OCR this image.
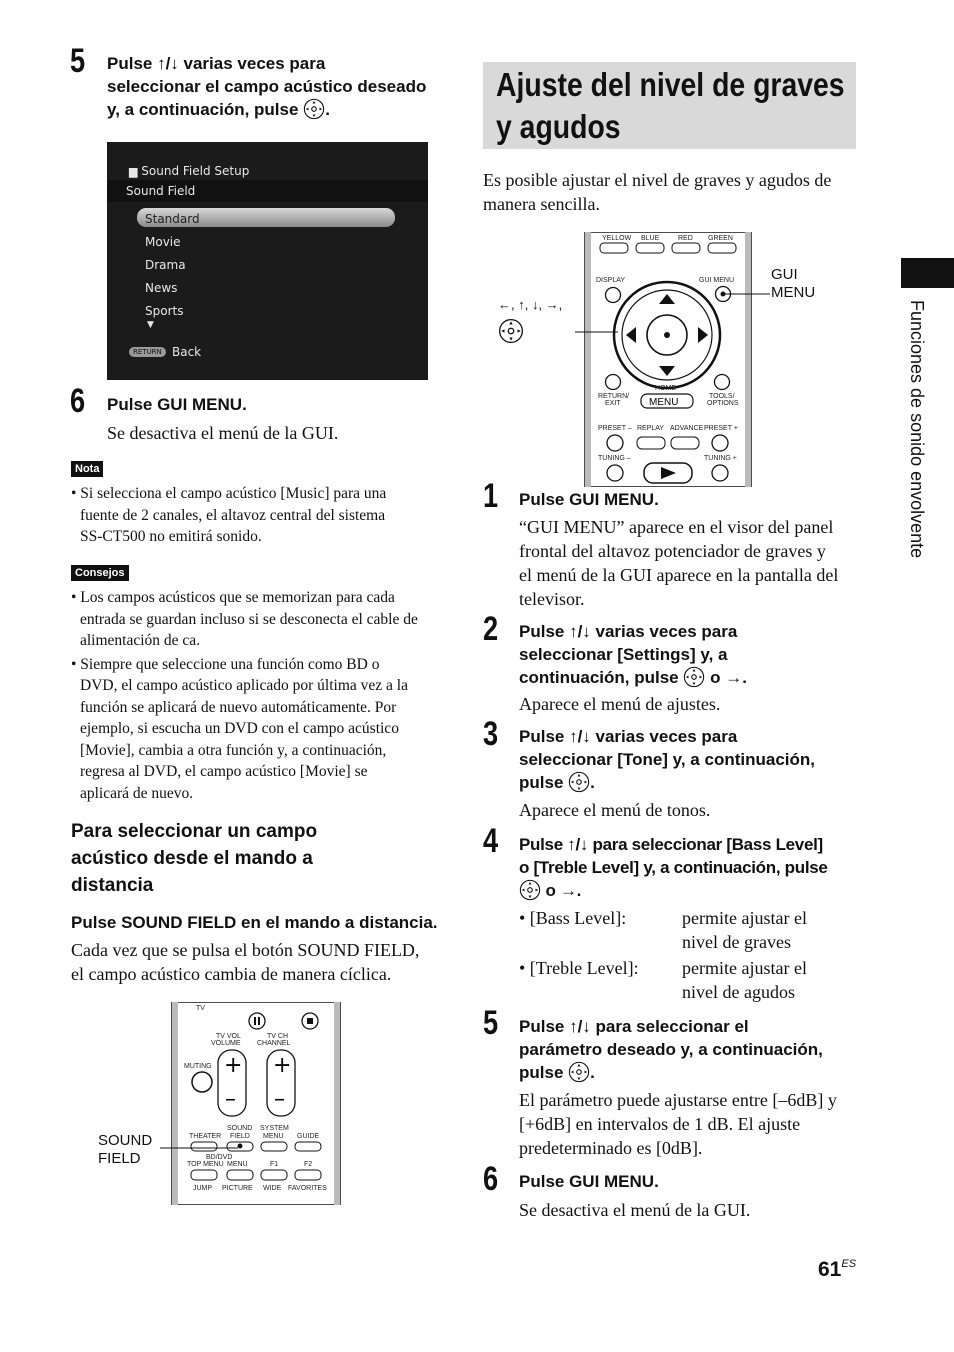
5 Pulse ↑/↓ varias veces para
seleccionar el campo acústico deseado
y, a continuación, pulse .
▆ Sound Field Setup
Sound Field
Standard
Movie
Drama
News
Sports
▼
RETURN Back
6 Pulse GUI MENU.
Se desactiva el menú de la GUI.
Nota
• Si selecciona el campo acústico [Music] para una
fuente de 2 canales, el altavoz central del sistema
SS-CT500 no emitirá sonido.
Consejos
• Los campos acústicos que se memorizan para cada
entrada se guardan incluso si se desconecta el cable de
alimentación de ca.
• Siempre que seleccione una función como BD o
DVD, el campo acústico aplicado por última vez a la
función se aplicará de nuevo automáticamente. Por
ejemplo, si escucha un DVD con el campo acústico
[Movie], cambia a otra función y, a continuación,
regresa al DVD, el campo acústico [Movie] se
aplicará de nuevo.
Para seleccionar un campo
acústico desde el mando a
distancia
Pulse SOUND FIELD en el mando a distancia.
Cada vez que se pulsa el botón SOUND FIELD,
el campo acústico cambia de manera cíclica.
SOUND
FIELD
TV
TV VOL
VOLUME
TV CH
CHANNEL
MUTING +
–
+
–
THEATER
SOUND
FIELD
SYSTEM
MENU GUIDE
BD/DVD
TOP MENU MENU	F1	F2
JUMP PICTURE WIDE FAVORITES
Ajuste del nivel de graves
y agudos
Es posible ajustar el nivel de graves y agudos de
manera sencilla.
←, ↑, ↓, →,
GUI
MENU
YELLOW BLUE	RED GREEN
DISPLAY	GUI MENU
RETURN/
EXIT
HOME
MENU
TOOLS/
OPTIONS
PRESET – REPLAY ADVANCE PRESET +
TUNING –	TUNING +
1 Pulse GUI MENU.
“GUI MENU” aparece en el visor del panel
frontal del altavoz potenciador de graves y
el menú de la GUI aparece en la pantalla del
televisor.
2 Pulse ↑/↓ varias veces para
seleccionar [Settings] y, a
continuación, pulse o →.
Aparece el menú de ajustes.
3 Pulse ↑/↓ varias veces para
seleccionar [Tone] y, a continuación,
pulse .
Aparece el menú de tonos.
4 Pulse ↑/↓ para seleccionar [Bass Level]
o [Treble Level] y, a continuación, pulse
o →.
• [Bass Level]:	permite ajustar el
nivel de graves
• [Treble Level]: permite ajustar el
nivel de agudos
5 Pulse ↑/↓ para seleccionar el
parámetro deseado y, a continuación,
pulse .
El parámetro puede ajustarse entre [–6dB] y
[+6dB] en intervalos de 1 dB. El ajuste
predeterminado es [0dB].
6 Pulse GUI MENU.
Se desactiva el menú de la GUI.
Funciones de sonido envolvente
$61^{ES}$
